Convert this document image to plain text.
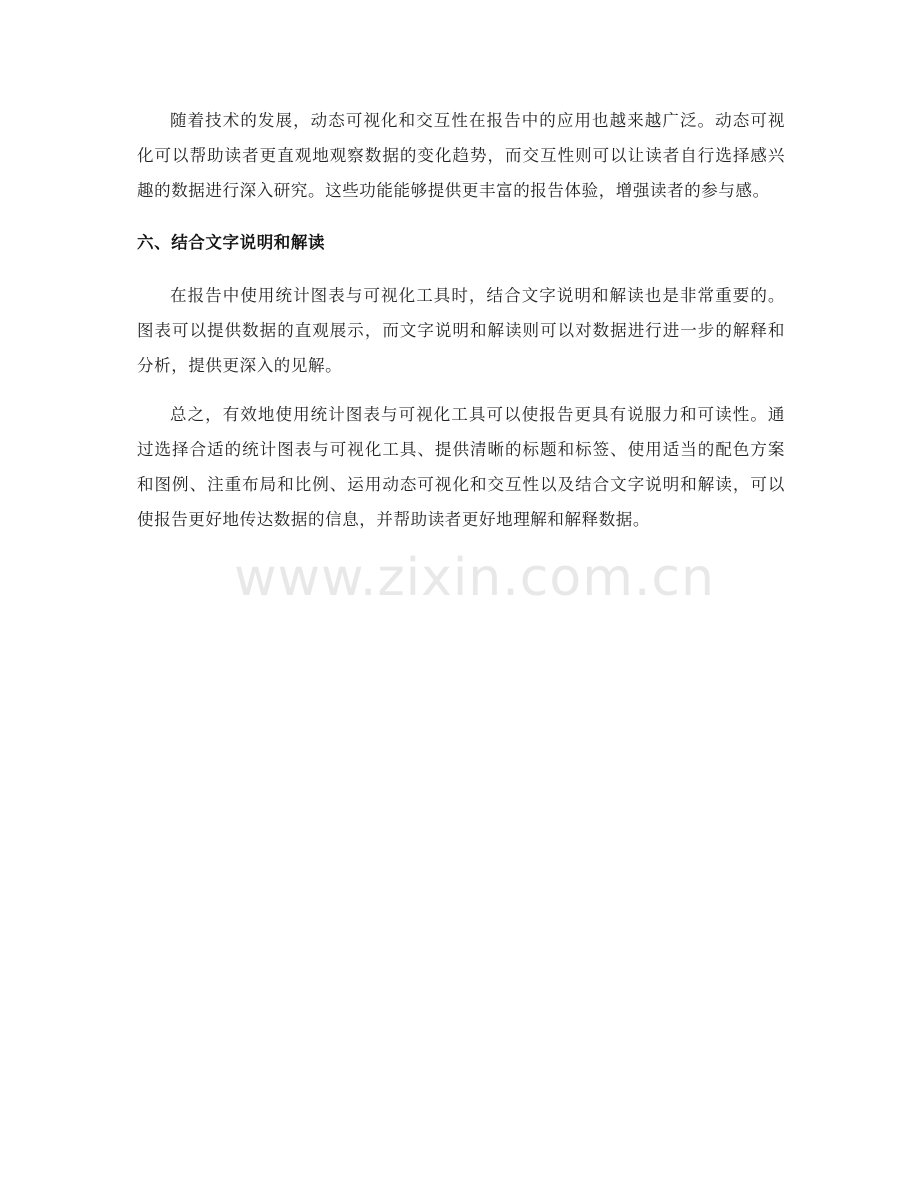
随着技术的发展，动态可视化和交互性在报告中的应用也越来越广泛。动态可视化可以帮助读者更直观地观察数据的变化趋势，而交互性则可以让读者自行选择感兴趣的数据进行深入研究。这些功能能够提供更丰富的报告体验，增强读者的参与感。

六、结合文字说明和解读

在报告中使用统计图表与可视化工具时，结合文字说明和解读也是非常重要的。图表可以提供数据的直观展示，而文字说明和解读则可以对数据进行进一步的解释和分析，提供更深入的见解。

总之，有效地使用统计图表与可视化工具可以使报告更具有说服力和可读性。通过选择合适的统计图表与可视化工具、提供清晰的标题和标签、使用适当的配色方案和图例、注重布局和比例、运用动态可视化和交互性以及结合文字说明和解读，可以使报告更好地传达数据的信息，并帮助读者更好地理解和解释数据。

www.zixin.com.cn
